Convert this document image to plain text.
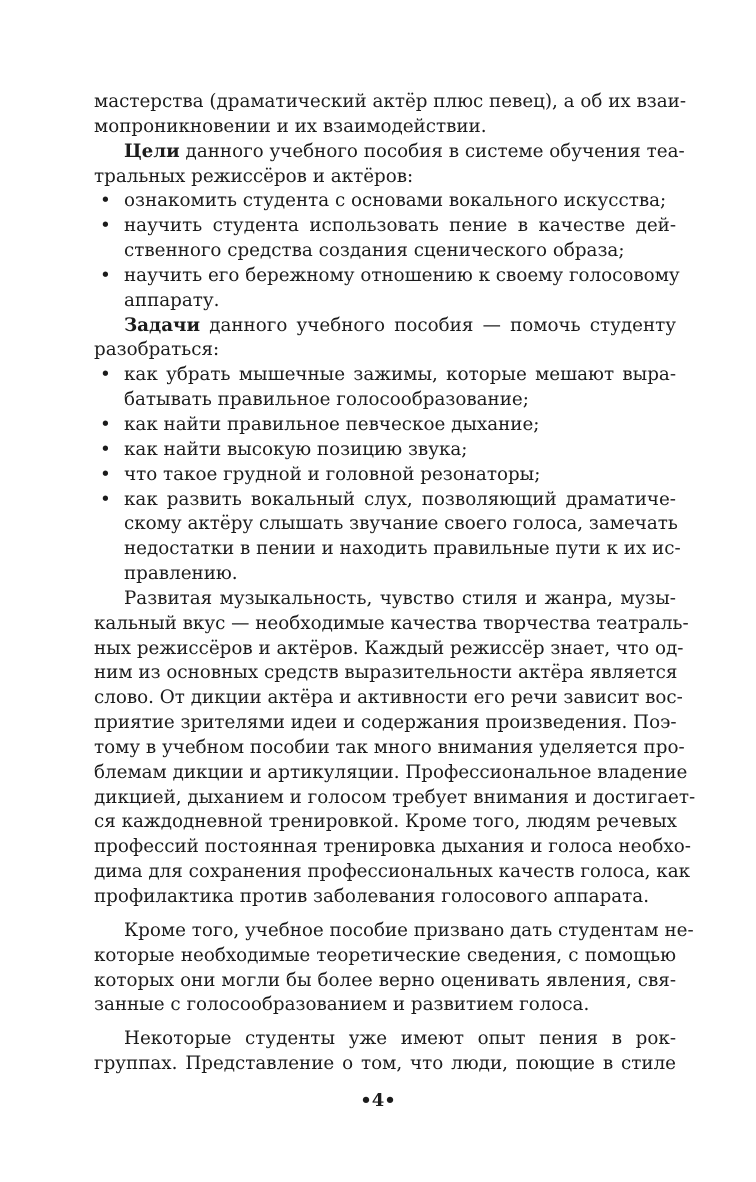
мастерства (драматический актёр плюс певец), а об их взаи-
мопроникновении и их взаимодействии.
Цели данного учебного пособия в системе обучения теа-
тральных режиссёров и актёров:
• ознакомить студента с основами вокального искусства;
• научить студента использовать пение в качестве дей-
ственного средства создания сценического образа;
• научить его бережному отношению к своему голосовому
аппарату.
Задачи данного учебного пособия — помочь студенту
разобраться:
• как убрать мышечные зажимы, которые мешают выра-
батывать правильное голосообразование;
• как найти правильное певческое дыхание;
• как найти высокую позицию звука;
• что такое грудной и головной резонаторы;
• как развить вокальный слух, позволяющий драматиче-
скому актёру слышать звучание своего голоса, замечать
недостатки в пении и находить правильные пути к их ис-
правлению.
Развитая музыкальность, чувство стиля и жанра, музы-
кальный вкус — необходимые качества творчества театраль-
ных режиссёров и актёров. Каждый режиссёр знает, что од-
ним из основных средств выразительности актёра является
слово. От дикции актёра и активности его речи зависит вос-
приятие зрителями идеи и содержания произведения. Поэ-
тому в учебном пособии так много внимания уделяется про-
блемам дикции и артикуляции. Профессиональное владение
дикцией, дыханием и голосом требует внимания и достигает-
ся каждодневной тренировкой. Кроме того, людям речевых
профессий постоянная тренировка дыхания и голоса необхо-
дима для сохранения профессиональных качеств голоса, как
профилактика против заболевания голосового аппарата.
Кроме того, учебное пособие призвано дать студентам не-
которые необходимые теоретические сведения, с помощью
которых они могли бы более верно оценивать явления, свя-
занные с голосообразованием и развитием голоса.
Некоторые студенты уже имеют опыт пения в рок-
группах. Представление о том, что люди, поющие в стиле
•4•
